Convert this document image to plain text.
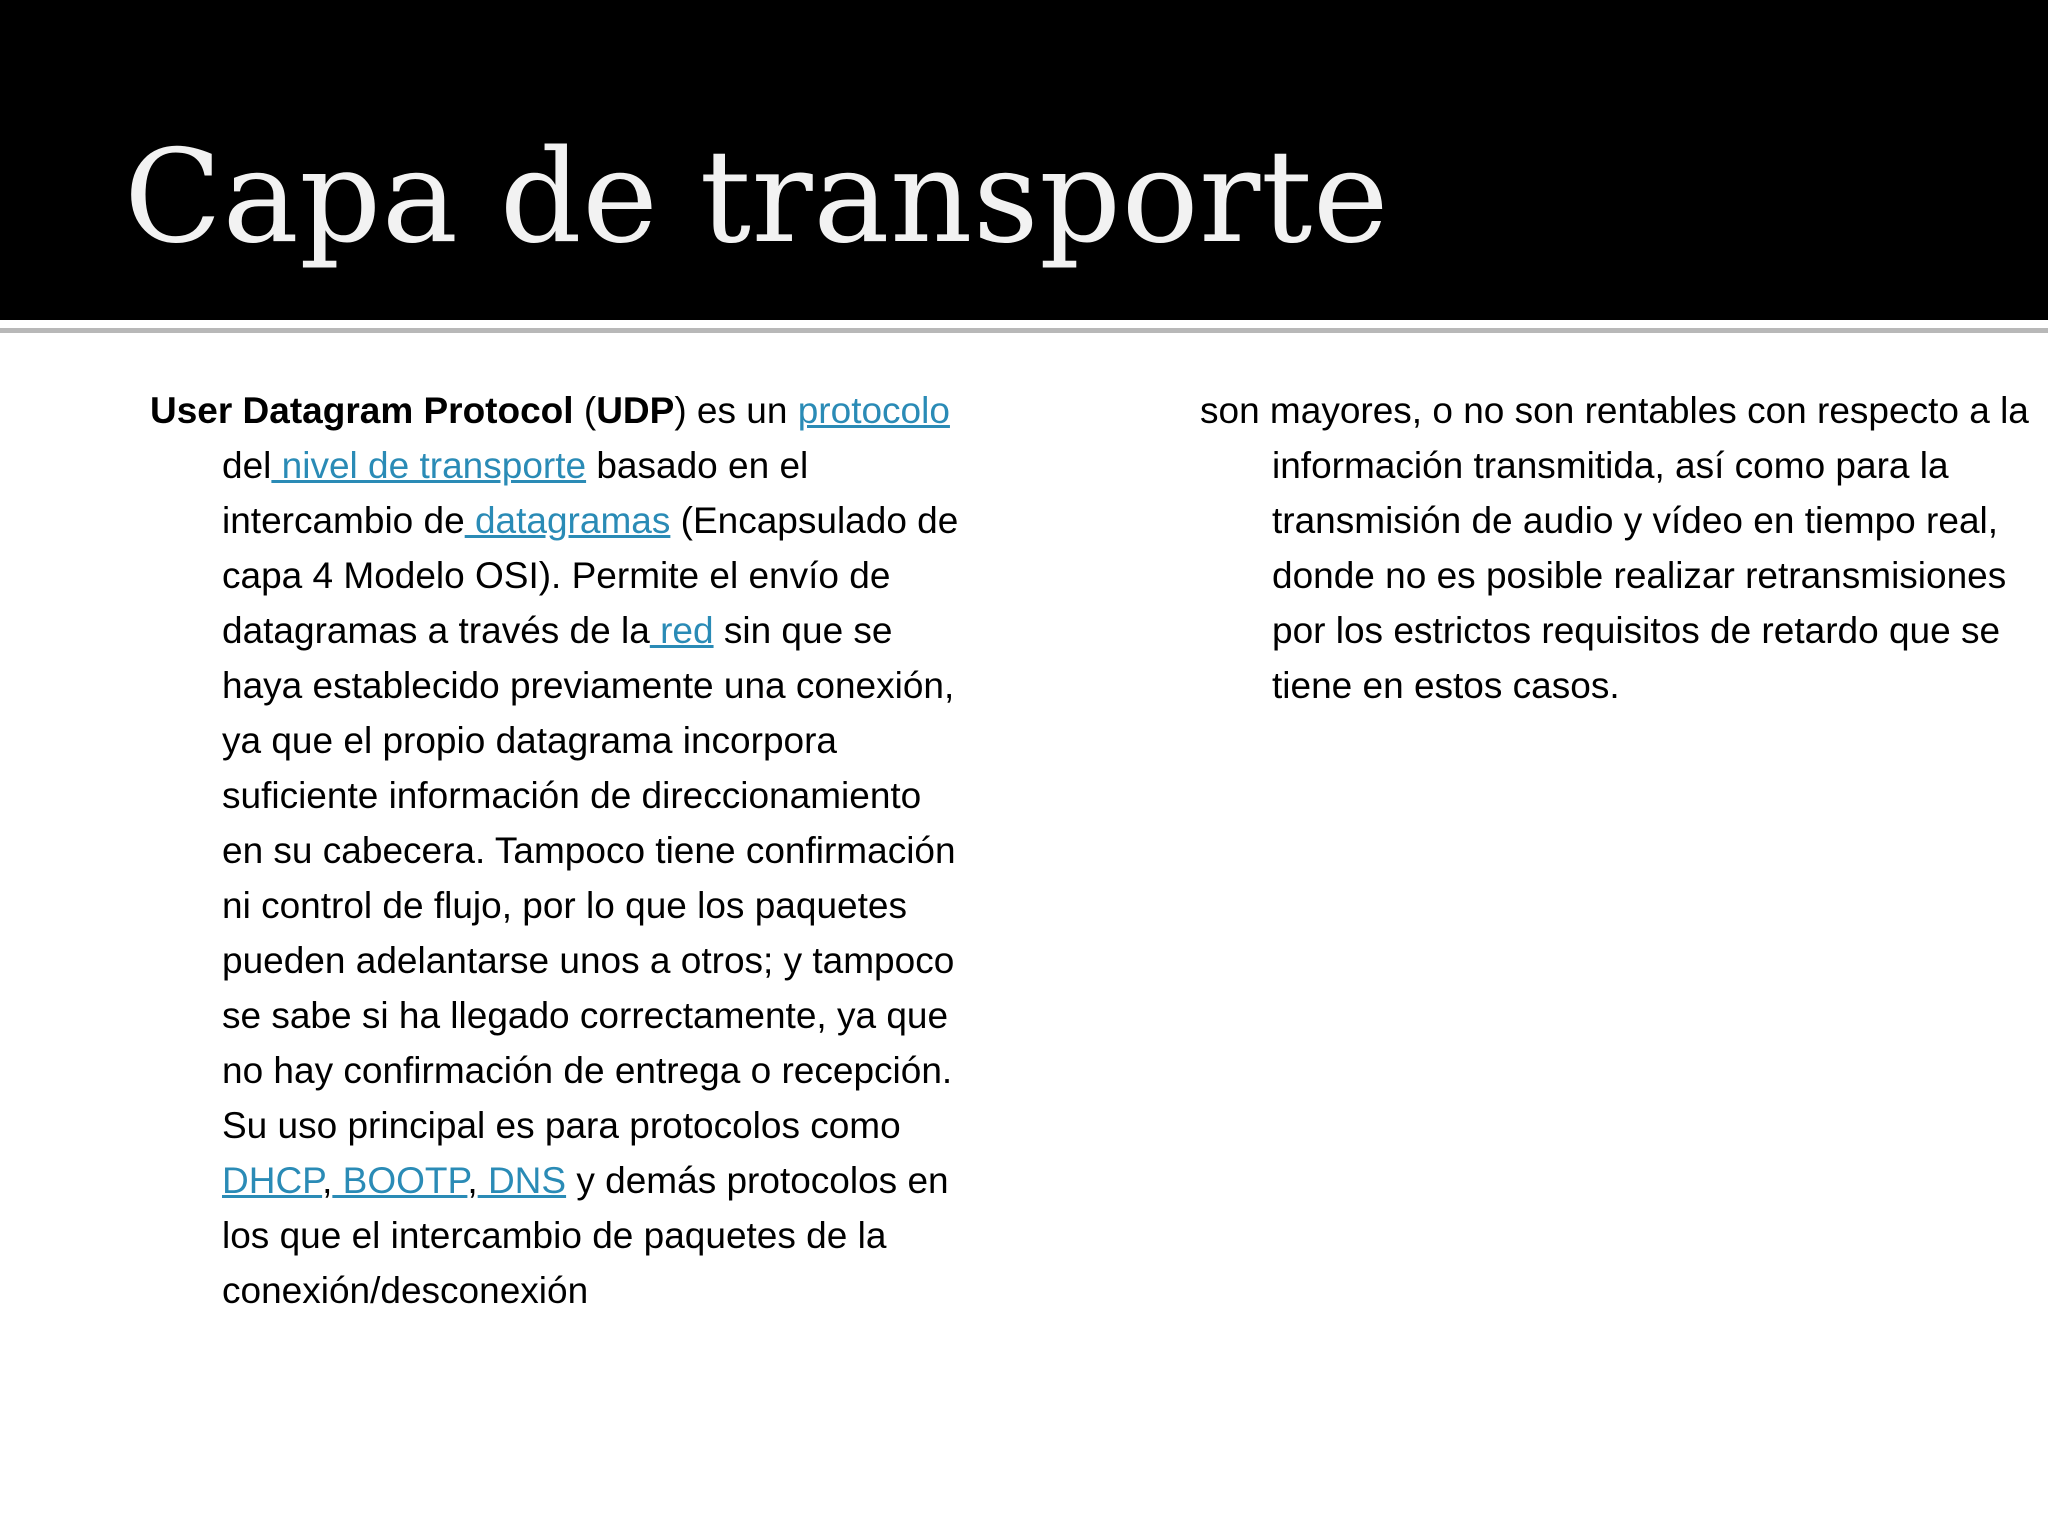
Capa de transporte

User Datagram Protocol (UDP) es un protocolo del nivel de transporte basado en el intercambio de datagramas (Encapsulado de capa 4 Modelo OSI). Permite el envío de datagramas a través de la red sin que se haya establecido previamente una conexión, ya que el propio datagrama incorpora suficiente información de direccionamiento en su cabecera. Tampoco tiene confirmación ni control de flujo, por lo que los paquetes pueden adelantarse unos a otros; y tampoco se sabe si ha llegado correctamente, ya que no hay confirmación de entrega o recepción. Su uso principal es para protocolos como DHCP, BOOTP, DNS y demás protocolos en los que el intercambio de paquetes de la conexión/desconexión

son mayores, o no son rentables con respecto a la información transmitida, así como para la transmisión de audio y vídeo en tiempo real, donde no es posible realizar retransmisiones por los estrictos requisitos de retardo que se tiene en estos casos.
